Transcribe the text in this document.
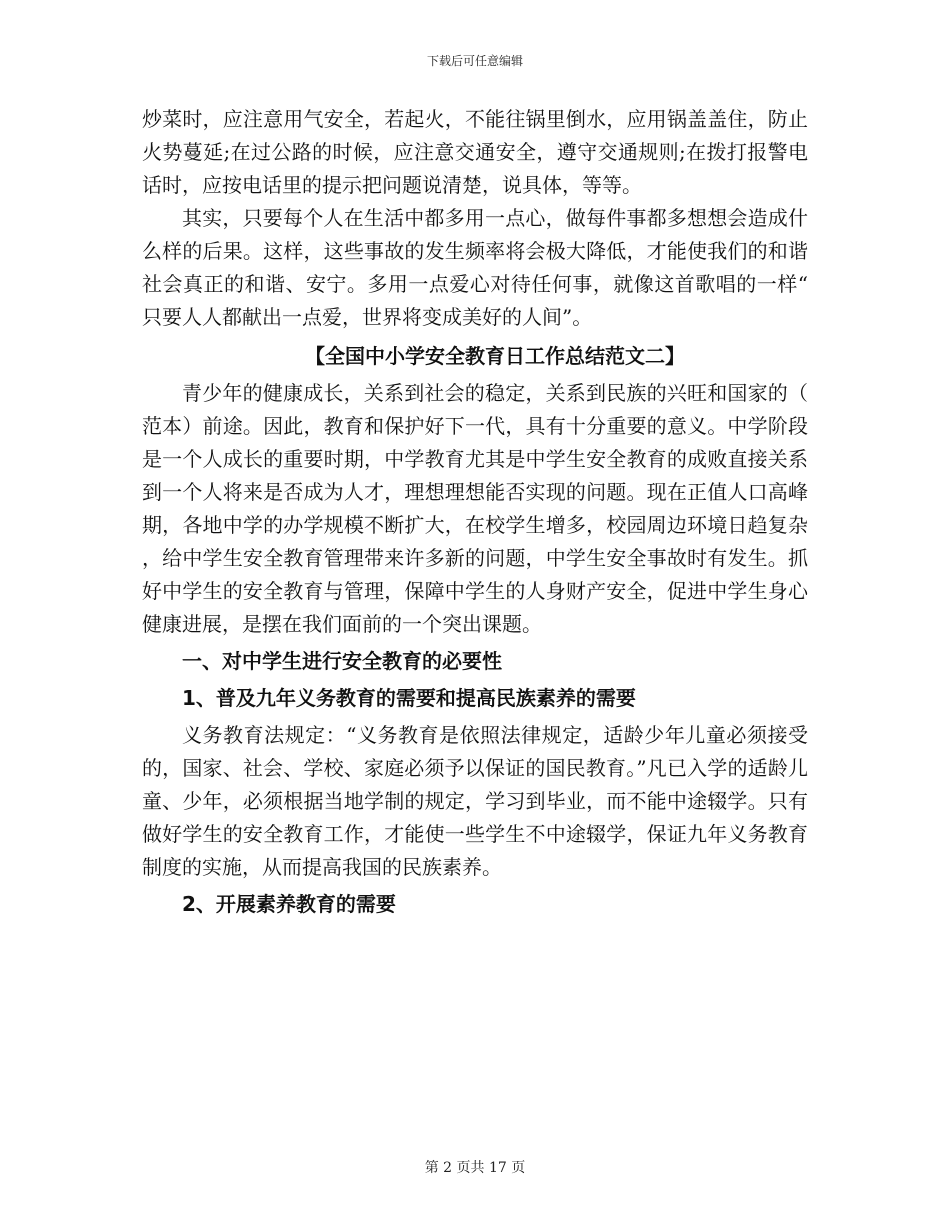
下载后可任意编辑

炒菜时，应注意用气安全，若起火，不能往锅里倒水，应用锅盖盖住，防止火势蔓延;在过公路的时候，应注意交通安全，遵守交通规则;在拨打报警电话时，应按电话里的提示把问题说清楚，说具体，等等。

其实，只要每个人在生活中都多用一点心，做每件事都多想想会造成什么样的后果。这样，这些事故的发生频率将会极大降低，才能使我们的和谐社会真正的和谐、安宁。多用一点爱心对待任何事，就像这首歌唱的一样“只要人人都献出一点爱，世界将变成美好的人间”。

【全国中小学安全教育日工作总结范文二】

青少年的健康成长，关系到社会的稳定，关系到民族的兴旺和国家的（范本）前途。因此，教育和保护好下一代，具有十分重要的意义。中学阶段是一个人成长的重要时期，中学教育尤其是中学生安全教育的成败直接关系到一个人将来是否成为人才，理想理想能否实现的问题。现在正值人口高峰期，各地中学的办学规模不断扩大，在校学生增多，校园周边环境日趋复杂，给中学生安全教育管理带来许多新的问题，中学生安全事故时有发生。抓好中学生的安全教育与管理，保障中学生的人身财产安全，促进中学生身心健康进展，是摆在我们面前的一个突出课题。

一、对中学生进行安全教育的必要性

1、普及九年义务教育的需要和提高民族素养的需要

义务教育法规定：“义务教育是依照法律规定，适龄少年儿童必须接受的，国家、社会、学校、家庭必须予以保证的国民教育。”凡已入学的适龄儿童、少年，必须根据当地学制的规定，学习到毕业，而不能中途辍学。只有做好学生的安全教育工作，才能使一些学生不中途辍学，保证九年义务教育制度的实施，从而提高我国的民族素养。

2、开展素养教育的需要

第 2 页共 17 页
